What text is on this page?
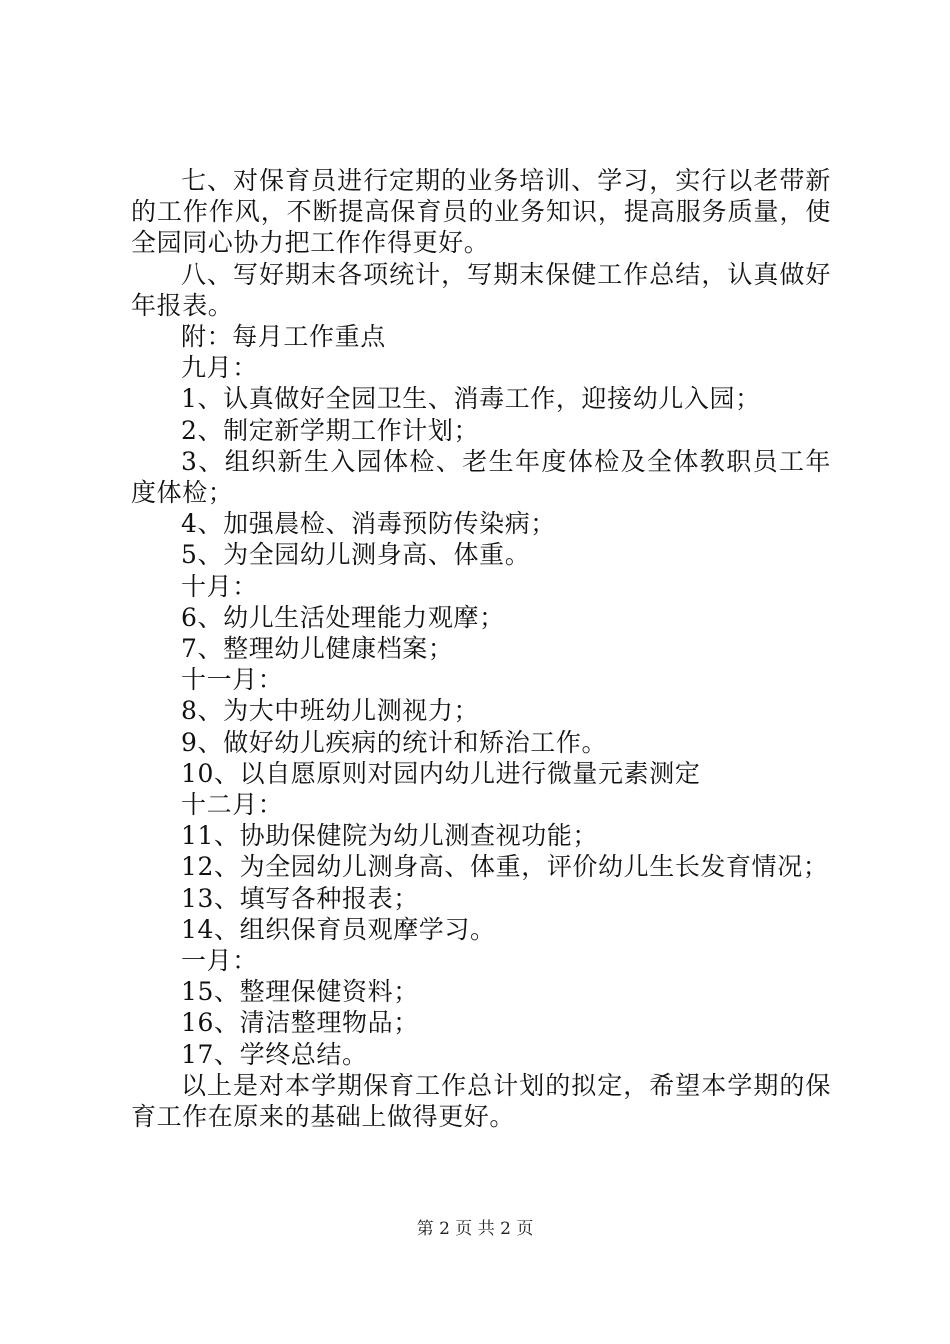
七、对保育员进行定期的业务培训、学习，实行以老带新的工作作风，不断提高保育员的业务知识，提高服务质量，使全园同心协力把工作作得更好。

八、写好期末各项统计，写期末保健工作总结，认真做好年报表。

附：每月工作重点

九月：

1、认真做好全园卫生、消毒工作，迎接幼儿入园；

2、制定新学期工作计划；

3、组织新生入园体检、老生年度体检及全体教职员工年度体检；

4、加强晨检、消毒预防传染病；

5、为全园幼儿测身高、体重。

十月：

6、幼儿生活处理能力观摩；

7、整理幼儿健康档案；

十一月：

8、为大中班幼儿测视力；

9、做好幼儿疾病的统计和矫治工作。

10、以自愿原则对园内幼儿进行微量元素测定

十二月：

11、协助保健院为幼儿测查视功能；

12、为全园幼儿测身高、体重，评价幼儿生长发育情况；

13、填写各种报表；

14、组织保育员观摩学习。

一月：

15、整理保健资料；

16、清洁整理物品；

17、学终总结。

以上是对本学期保育工作总计划的拟定，希望本学期的保育工作在原来的基础上做得更好。

第 2 页 共 2 页
